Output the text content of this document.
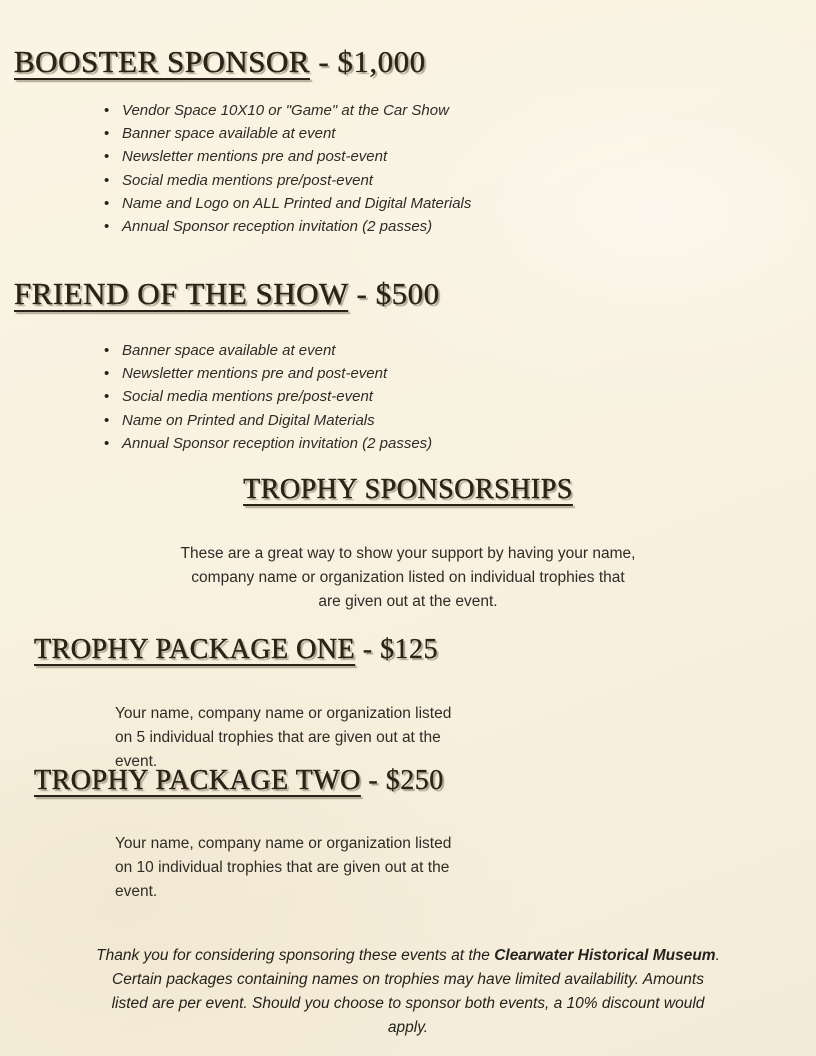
BOOSTER SPONSOR - $1,000
• Vendor Space 10X10 or "Game" at the Car Show
• Banner space available at event
• Newsletter mentions pre and post-event
• Social media mentions pre/post-event
• Name and Logo on ALL Printed and Digital Materials
• Annual Sponsor reception invitation (2 passes)
FRIEND OF THE SHOW - $500
• Banner space available at event
• Newsletter mentions pre and post-event
• Social media mentions pre/post-event
• Name on Printed and Digital Materials
• Annual Sponsor reception invitation (2 passes)
TROPHY SPONSORSHIPS

These are a great way to show your support by having your name, company name or organization listed on individual trophies that are given out at the event.

TROPHY PACKAGE ONE - $125

Your name, company name or organization listed on 5 individual trophies that are given out at the event.

TROPHY PACKAGE TWO - $250

Your name, company name or organization listed on 10 individual trophies that are given out at the event.

Thank you for considering sponsoring these events at the Clearwater Historical Museum. Certain packages containing names on trophies may have limited availability. Amounts listed are per event. Should you choose to sponsor both events, a 10% discount would apply.
